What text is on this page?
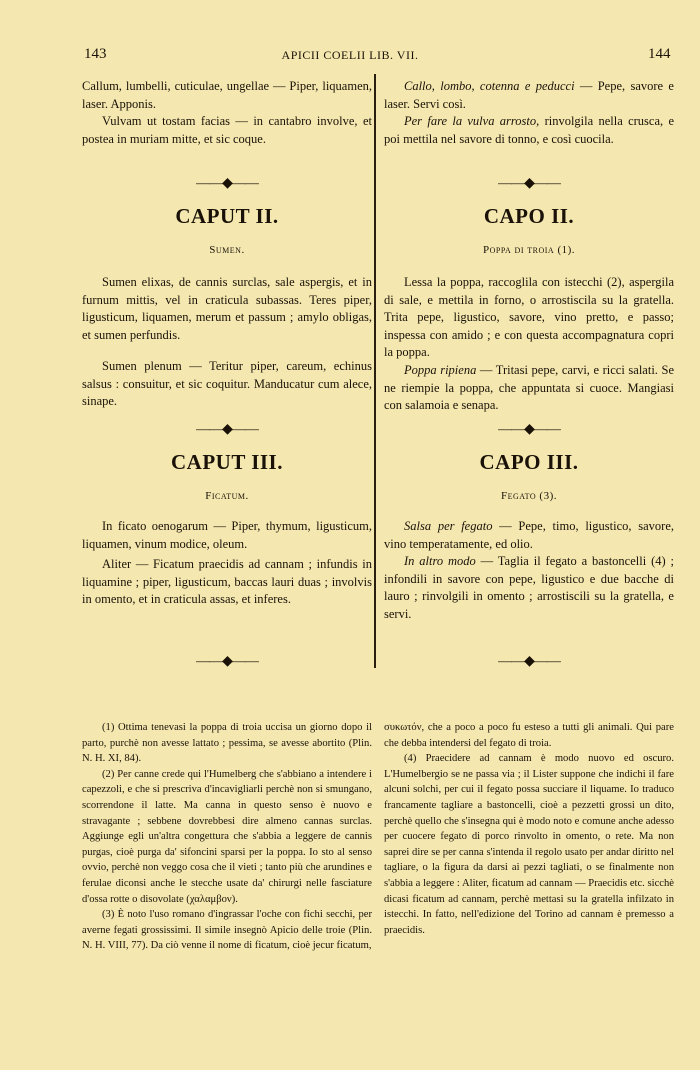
143	APICII COELII LIB. VII.	144

Callum, lumbelli, cuticulae, ungellae — Piper, liquamen, laser. Apponis.

Vulvam ut tostam facias — in cantabro involve, et postea in muriam mitte, et sic coque.

——◆——
CAPUT II.
Sumen.

Sumen elixas, de cannis surclas, sale aspergis, et in furnum mittis, vel in craticula subassas. Teres piper, ligusticum, liquamen, merum et passum ; amylo obligas, et sumen perfundis.

Sumen plenum — Teritur piper, careum, echinus salsus : consuitur, et sic coquitur. Manducatur cum alece, sinape.

——◆——
CAPUT III.
Ficatum.

In ficato oenogarum — Piper, thymum, ligusticum, liquamen, vinum modice, oleum.

Aliter — Ficatum praecidis ad cannam ; infundis in liquamine ; piper, ligusticum, baccas lauri duas ; involvis in omento, et in craticula assas, et inferes.

——◆——

Callo, lombo, cotenna e peducci — Pepe, savore e laser. Servi così.

Per fare la vulva arrosto, rinvolgila nella crusca, e poi mettila nel savore di tonno, e così cuocila.

——◆——
CAPO II.
Poppa di troia (1).

Lessa la poppa, raccoglila con istecchi (2), aspergila di sale, e mettila in forno, o arrostiscila su la gratella. Trita pepe, ligustico, savore, vino pretto, e passo; inspessa con amido ; e con questa accompagnatura copri la poppa.

Poppa ripiena — Tritasi pepe, carvi, e ricci salati. Se ne riempie la poppa, che appuntata si cuoce. Mangiasi con salamoia e senapa.

——◆——
CAPO III.
Fegato (3).

Salsa per fegato — Pepe, timo, ligustico, savore, vino temperatamente, ed olio.

In altro modo — Taglia il fegato a bastoncelli (4) ; infondili in savore con pepe, ligustico e due bacche di lauro ; rinvolgili in omento ; arrostiscili su la gratella, e servi.

——◆——

(1) Ottima tenevasi la poppa di troia uccisa un giorno dopo il parto, purchè non avesse lattato ; pessima, se avesse abortito (Plin. N. H. XI, 84).

(2) Per canne crede qui l'Humelberg che s'abbiano a intendere i capezzoli, e che si prescriva d'incavigliarli perchè non si smungano, scorrendone il latte. Ma canna in questo senso è nuovo e stravagante ; sebbene dovrebbesi dire almeno cannas surclas. Aggiunge egli un'altra congettura che s'abbia a leggere de cannis purgas, cioè purga da' sifoncini sparsi per la poppa. Io sto al senso ovvio, perchè non veggo cosa che il vieti ; tanto più che arundines e ferulae diconsi anche le stecche usate da' chirurgi nelle fasciature d'ossa rotte o disovolate (χαλαμβον).

(3) È noto l'uso romano d'ingrassar l'oche con fichi secchi, per averne fegati grossissimi. Il simile insegnò Apicio delle troie (Plin. N. H. VIII, 77). Da ciò venne il nome di ficatum, cioè jecur ficatum,

συκωτόν, che a poco a poco fu esteso a tutti gli animali. Qui pare che debba intendersi del fegato di troia.

(4) Praecidere ad cannam è modo nuovo ed oscuro. L'Humelbergio se ne passa via ; il Lister suppone che indichi il fare alcuni solchi, per cui il fegato possa succiare il liquame. Io traduco francamente tagliare a bastoncelli, cioè a pezzetti grossi un dito, perchè quello che s'insegna qui è modo noto e comune anche adesso per cuocere fegato di porco rinvolto in omento, o rete. Ma non saprei dire se per canna s'intenda il regolo usato per andar diritto nel tagliare, o la figura da darsi ai pezzi tagliati, o se finalmente non s'abbia a leggere : Aliter, ficatum ad cannam — Praecidis etc. sicchè dicasi ficatum ad cannam, perchè mettasi su la gratella infilzato in istecchi. In fatto, nell'edizione del Torino ad cannam è premesso a praecidis.
